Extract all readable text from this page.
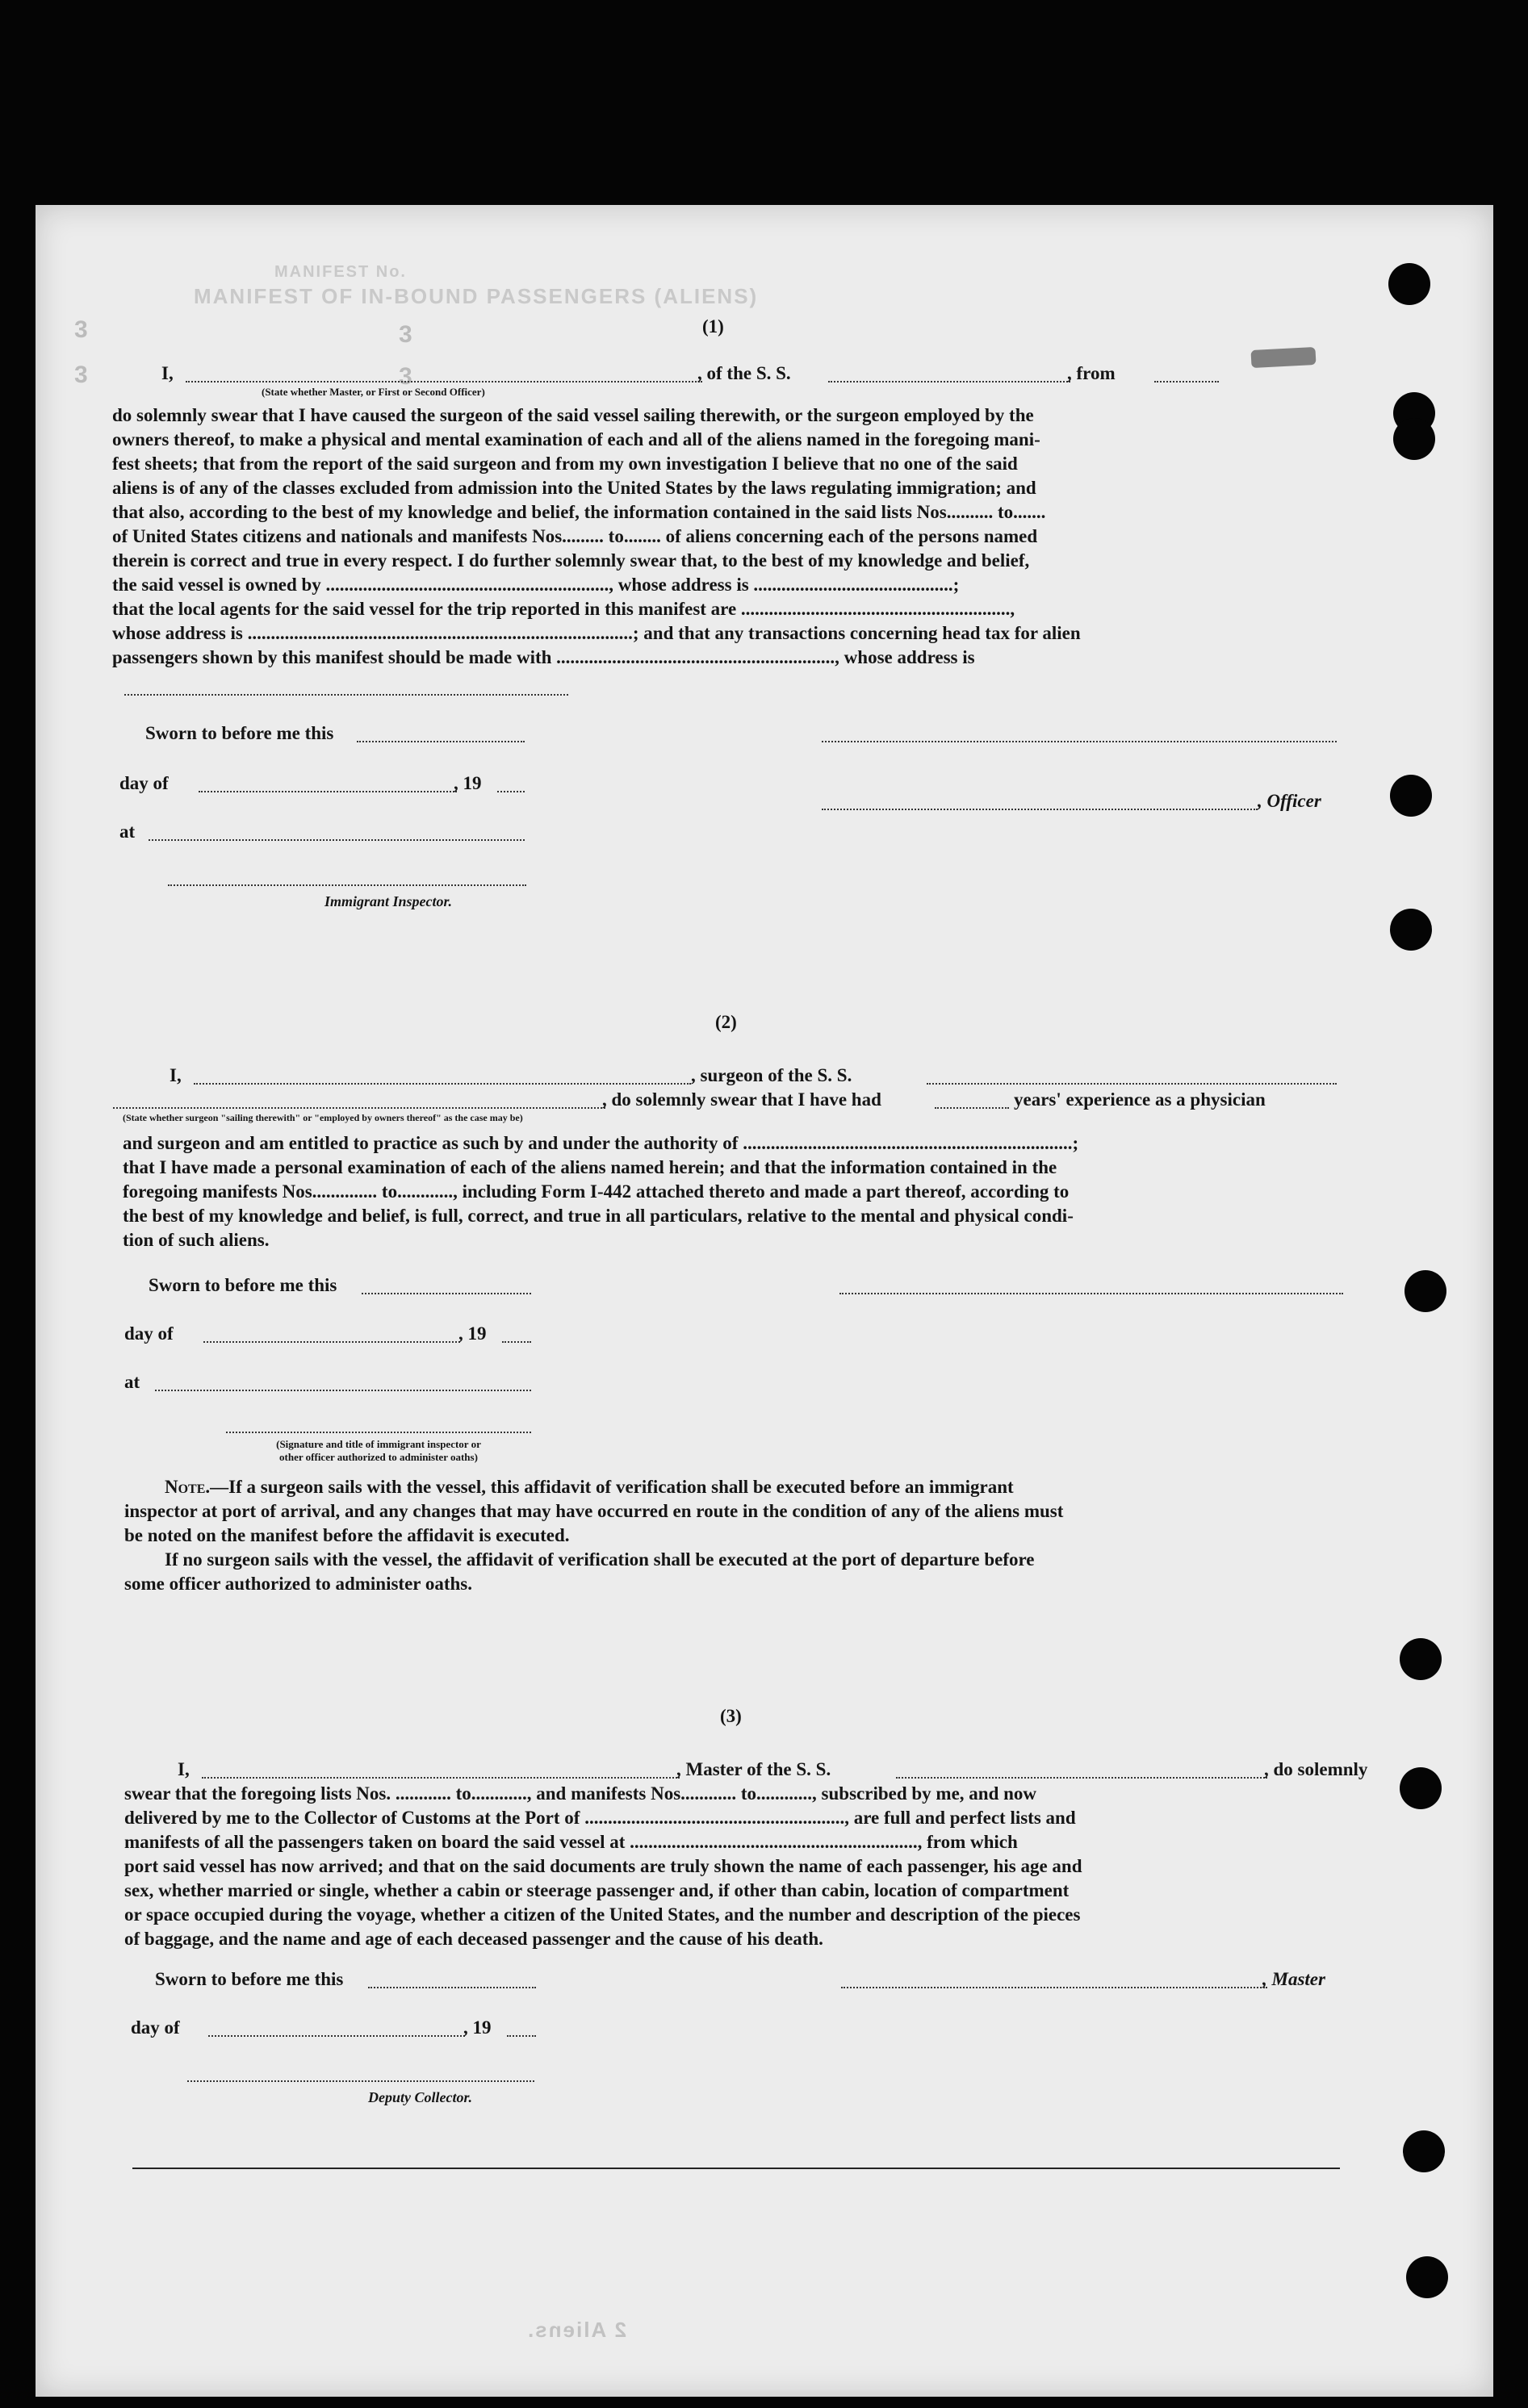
MANIFEST No.
MANIFEST OF IN-BOUND PASSENGERS (ALIENS)
3
3
3
3
(1)
I,	, of the S. S.	, from
(State whether Master, or First or Second Officer)
do solemnly swear that I have caused the surgeon of the said vessel sailing therewith, or the surgeon employed by the
owners thereof, to make a physical and mental examination of each and all of the aliens named in the foregoing mani-
fest sheets; that from the report of the said surgeon and from my own investigation I believe that no one of the said
aliens is of any of the classes excluded from admission into the United States by the laws regulating immigration; and
that also, according to the best of my knowledge and belief, the information contained in the said lists Nos.......... to.......
of United States citizens and nationals and manifests Nos......... to........ of aliens concerning each of the persons named
therein is correct and true in every respect. I do further solemnly swear that, to the best of my knowledge and belief,
the said vessel is owned by ............................................................., whose address is ...........................................;
that the local agents for the said vessel for the trip reported in this manifest are ..........................................................,
whose address is ...................................................................................; and that any transactions concerning head tax for alien
passengers shown by this manifest should be made with ............................................................, whose address is
Sworn to before me this
day of	, 19
, Officer
at
Immigrant Inspector.
(2)
I,	, surgeon of the S. S.
, do solemnly swear that I have had	years' experience as a physician
(State whether surgeon "sailing therewith" or "employed by owners thereof" as the case may be)
and surgeon and am entitled to practice as such by and under the authority of .......................................................................;
that I have made a personal examination of each of the aliens named herein; and that the information contained in the
foregoing manifests Nos.............. to............, including Form I-442 attached thereto and made a part thereof, according to
the best of my knowledge and belief, is full, correct, and true in all particulars, relative to the mental and physical condi-
tion of such aliens.
Sworn to before me this
day of	, 19
at
(Signature and title of immigrant inspector or
other officer authorized to administer oaths)
Note.—If a surgeon sails with the vessel, this affidavit of verification shall be executed before an immigrant
inspector at port of arrival, and any changes that may have occurred en route in the condition of any of the aliens must
be noted on the manifest before the affidavit is executed.
If no surgeon sails with the vessel, the affidavit of verification shall be executed at the port of departure before
some officer authorized to administer oaths.
(3)
I,	, Master of the S. S.	, do solemnly
swear that the foregoing lists Nos. ............ to............, and manifests Nos............ to............, subscribed by me, and now
delivered by me to the Collector of Customs at the Port of ........................................................, are full and perfect lists and
manifests of all the passengers taken on board the said vessel at .............................................................., from which
port said vessel has now arrived; and that on the said documents are truly shown the name of each passenger, his age and
sex, whether married or single, whether a cabin or steerage passenger and, if other than cabin, location of compartment
or space occupied during the voyage, whether a citizen of the United States, and the number and description of the pieces
of baggage, and the name and age of each deceased passenger and the cause of his death.
Sworn to before me this	, Master
day of	, 19
Deputy Collector.
2 Aliens.
